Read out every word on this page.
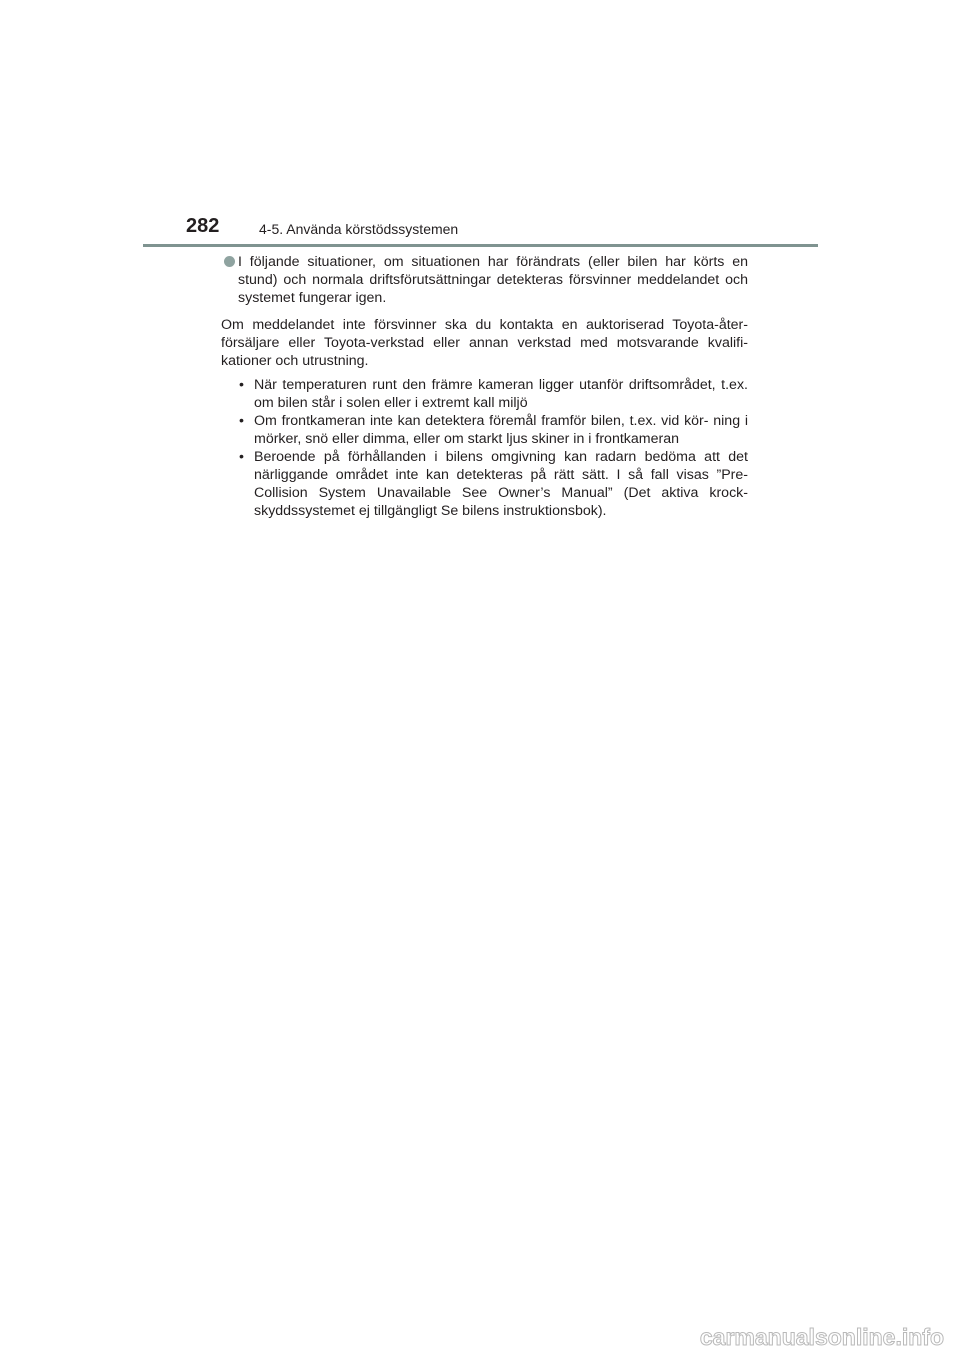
282	4-5. Använda körstödssystemen

I följande situationer, om situationen har förändrats (eller bilen har körts en stund) och normala driftsförutsättningar detekteras försvinner meddelandet och systemet fungerar igen.

Om meddelandet inte försvinner ska du kontakta en auktoriserad Toyota-åter- försäljare eller Toyota-verkstad eller annan verkstad med motsvarande kvalifi- kationer och utrustning.

• När temperaturen runt den främre kameran ligger utanför driftsområdet, t.ex. om bilen står i solen eller i extremt kall miljö
• Om frontkameran inte kan detektera föremål framför bilen, t.ex. vid kör- ning i mörker, snö eller dimma, eller om starkt ljus skiner in i frontkameran
• Beroende på förhållanden i bilens omgivning kan radarn bedöma att det närliggande området inte kan detekteras på rätt sätt. I så fall visas ”Pre- Collision System Unavailable See Owner’s Manual” (Det aktiva krock- skyddssystemet ej tillgängligt Se bilens instruktionsbok).
carmanualsonline.info
